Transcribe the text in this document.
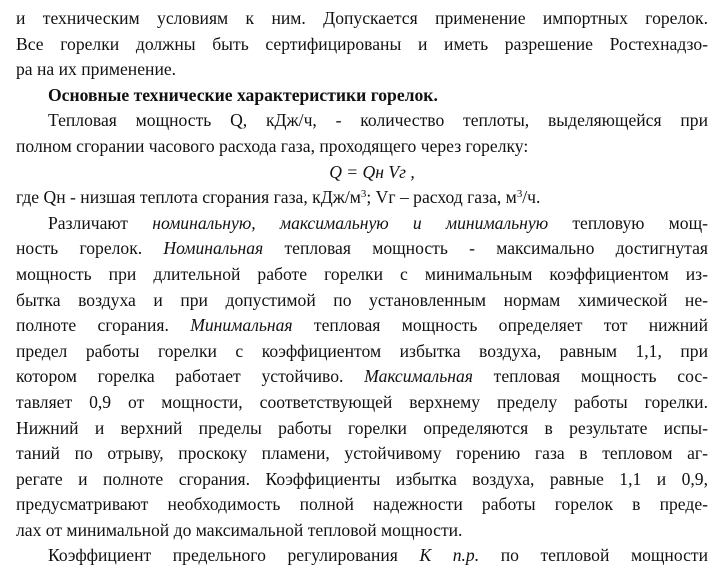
и техническим условиям к ним. Допускается применение импортных горелок.
Все горелки должны быть сертифицированы и иметь разрешение Ростехнадзо-
ра на их применение.
Основные технические характеристики горелок.
Тепловая мощность Q, кДж/ч, - количество теплоты, выделяющейся при
полном сгорании часового расхода газа, проходящего через горелку:
Q = Qн Vг ,
где Qн - низшая теплота сгорания газа, кДж/$м^3$; Vг – расход газа, $м^3/ч$.
Различают номинальную, максимальную и минимальную тепловую мощ-
ность горелок. Номинальная тепловая мощность - максимально достигнутая
мощность при длительной работе горелки с минимальным коэффициентом из-
бытка воздуха и при допустимой по установленным нормам химической не-
полноте сгорания. Минимальная тепловая мощность определяет тот нижний
предел работы горелки с коэффициентом избытка воздуха, равным 1,1, при
котором горелка работает устойчиво. Максимальная тепловая мощность сос-
тавляет 0,9 от мощности, соответствующей верхнему пределу работы горелки.
Нижний и верхний пределы работы горелки определяются в результате испы-
таний по отрыву, проскоку пламени, устойчивому горению газа в тепловом аг-
регате и полноте сгорания. Коэффициенты избытка воздуха, равные 1,1 и 0,9,
предусматривают необходимость полной надежности работы горелок в преде-
лах от минимальной до максимальной тепловой мощности.
Коэффициент предельного регулирования К п.р. по тепловой мощности
